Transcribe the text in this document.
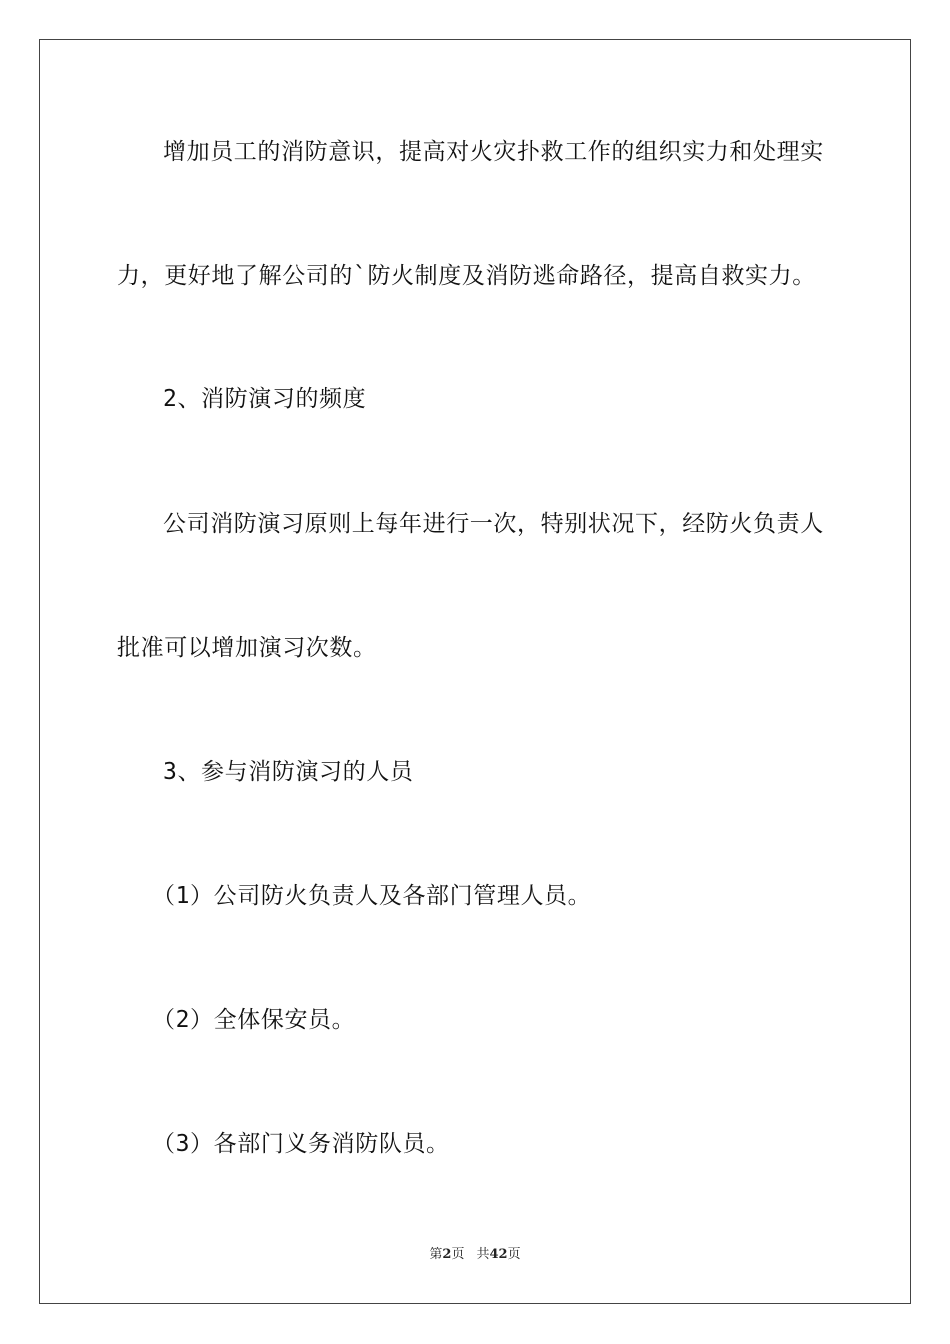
增加员工的消防意识，提高对火灾扑救工作的组织实力和处理实
力，更好地了解公司的`防火制度及消防逃命路径，提高自救实力。
2、消防演习的频度
公司消防演习原则上每年进行一次，特别状况下，经防火负责人
批准可以增加演习次数。
3、参与消防演习的人员
（1）公司防火负责人及各部门管理人员。
（2）全体保安员。
（3）各部门义务消防队员。
第2页 共42页
